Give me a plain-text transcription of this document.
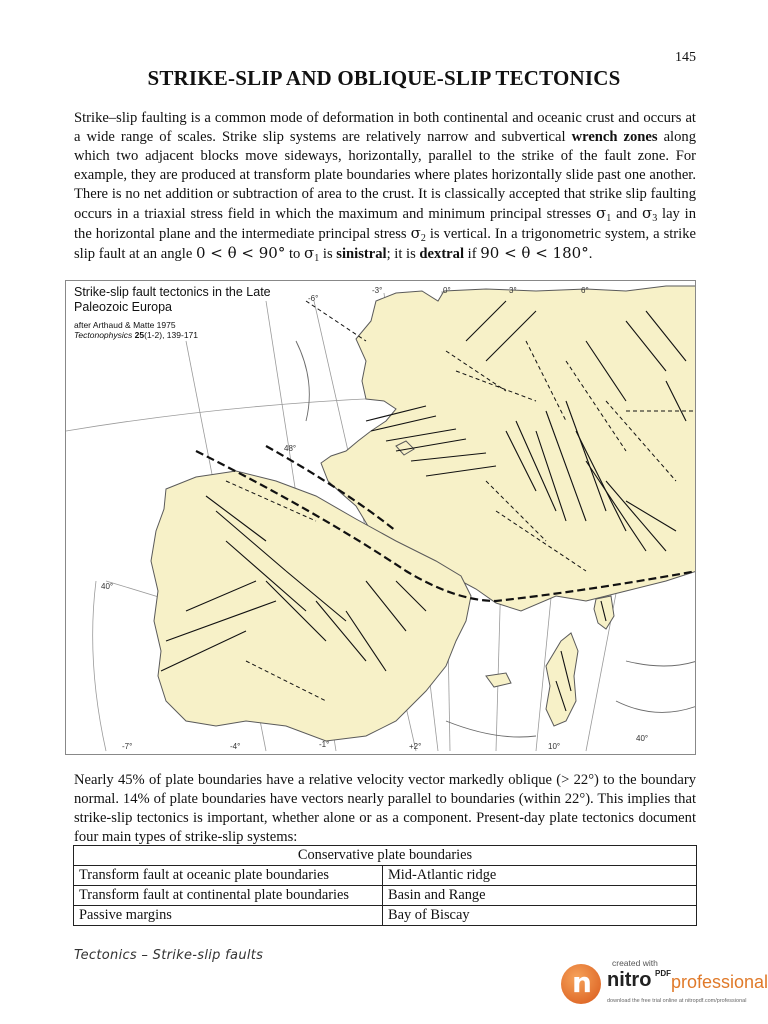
145
STRIKE-SLIP AND OBLIQUE-SLIP TECTONICS

Strike–slip faulting is a common mode of deformation in both continental and oceanic crust and occurs at a wide range of scales. Strike slip systems are relatively narrow and subvertical wrench zones along which two adjacent blocks move sideways, horizontally, parallel to the strike of the fault zone. For example, they are produced at transform plate boundaries where plates horizontally slide past one another. There is no net addition or subtraction of area to the crust. It is classically accepted that strike slip faulting occurs in a triaxial stress field in which the maximum and minimum principal stresses $\sigma_1$ and $\sigma_3$ lay in the horizontal plane and the intermediate principal stress $\sigma_2$ is vertical. In a trigonometric system, a strike slip fault at an angle 0 < θ < 90° to $\sigma_1$ is sinistral; it is dextral if 90 < θ < 180°.

-6°
-3°	0°	3°	6°
48°
40°
40°
-7°	-4°	-1°	+2°	10°
Strike-slip fault tectonics in the Late Paleozoic Europa
after Arthaud & Matte 1975
Tectonophysics 25(1-2), 139-171

Nearly 45% of plate boundaries have a relative velocity vector markedly oblique (> 22°) to the boundary normal. 14% of plate boundaries have vectors nearly parallel to boundaries (within 22°). This implies that strike-slip tectonics is important, whether alone or as a component. Present-day plate tectonics document four main types of strike-slip systems:

Conservative plate boundaries	
Transform fault at oceanic plate boundaries	Mid-Atlantic ridge
Transform fault at continental plate boundaries	Basin and Range
Passive margins	Bay of Biscay
Tectonics – Strike-slip faults
n
created with
nitro PDF professional
download the free trial online at nitropdf.com/professional
